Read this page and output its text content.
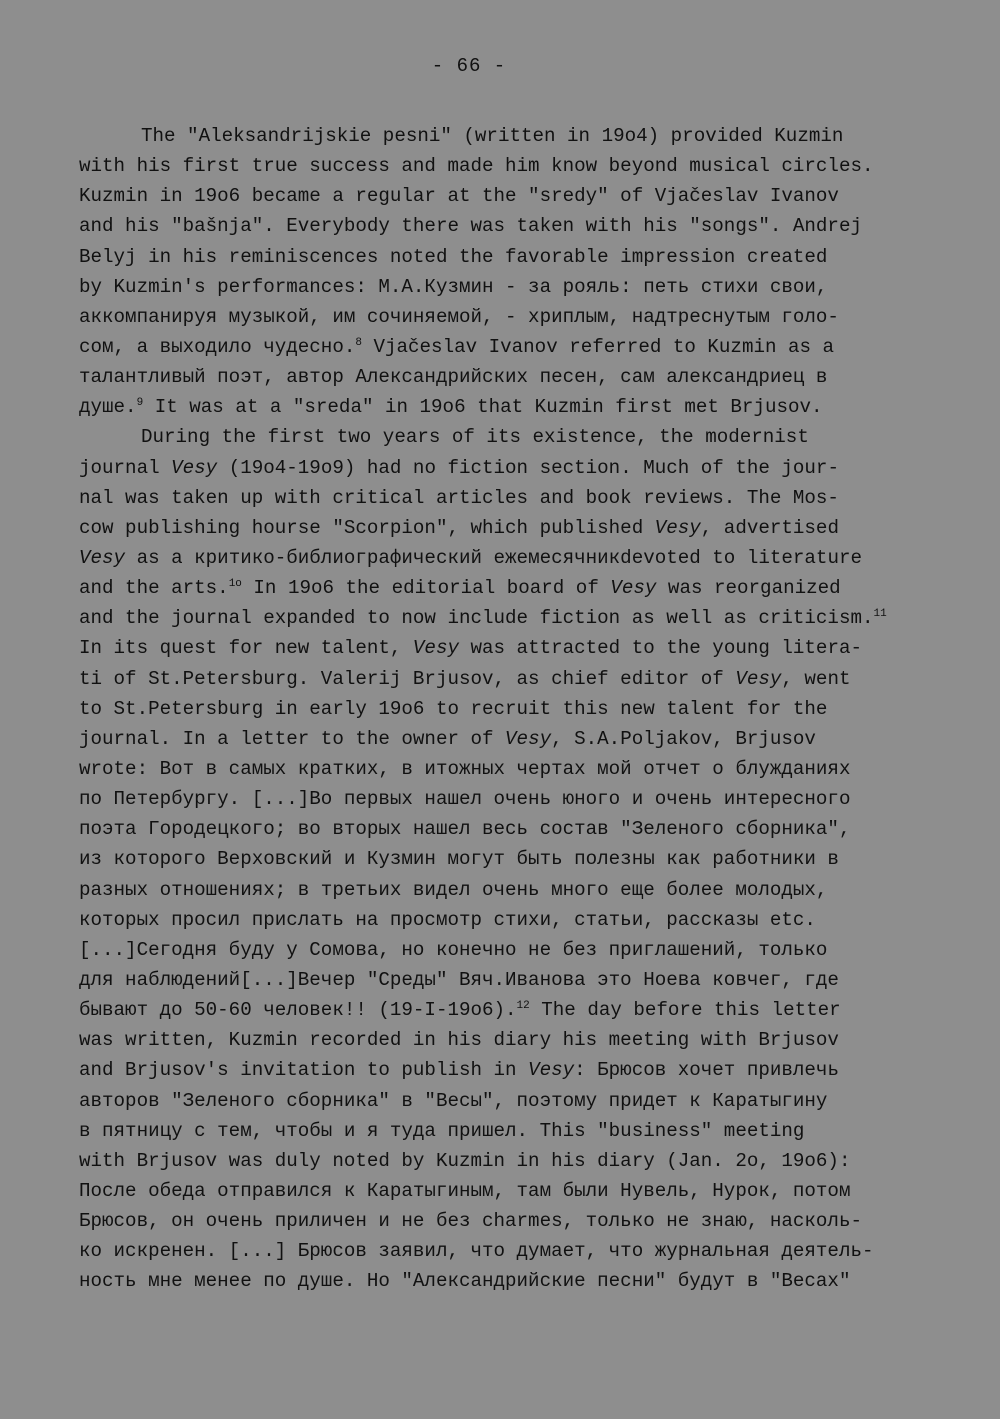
- 66 -
The "Aleksandrijskie pesni" (written in 19o4) provided Kuzmin
with his first true success and made him know beyond musical circles.
Kuzmin in 19o6 became a regular at the "sredy" of Vjačeslav Ivanov
and his "bašnja". Everybody there was taken with his "songs". Andrej
Belyj in his reminiscences noted the favorable impression created
by Kuzmin's performances: М.А.Кузмин - за рояль: петь стихи свои,
аккомпанируя музыкой, им сочиняемой, - хриплым, надтреснутым голо-
сом, а выходило чудесно.$^8$ Vjačeslav Ivanov referred to Kuzmin as a
талантливый поэт, автор Александрийских песен, сам александриец в
душе.$^9$ It was at a "sreda" in 19o6 that Kuzmin first met Brjusov.
During the first two years of its existence, the modernist
journal Vesy (19o4-19o9) had no fiction section. Much of the jour-
nal was taken up with critical articles and book reviews. The Mos-
cow publishing hourse "Scorpion", which published Vesy, advertised
Vesy as a критико-библиографический ежемесячникdevoted to literature
and the arts.$^{1o}$ In 19o6 the editorial board of Vesy was reorganized
and the journal expanded to now include fiction as well as criticism.$^{11}$
In its quest for new talent, Vesy was attracted to the young litera-
ti of St.Petersburg. Valerij Brjusov, as chief editor of Vesy, went
to St.Petersburg in early 19o6 to recruit this new talent for the
journal. In a letter to the owner of Vesy, S.A.Poljakov, Brjusov
wrote: Вот в самых кратких, в итожных чертах мой отчет о блужданиях
по Петербургу. [...]Во первых нашел очень юного и очень интересного
поэта Городецкого; во вторых нашел весь состав "Зеленого сборника",
из которого Верховский и Кузмин могут быть полезны как работники в
разных отношениях; в третьих видел очень много еще более молодых,
которых просил прислать на просмотр стихи, статьи, рассказы etc.
[...]Сегодня буду у Сомова, но конечно не без приглашений, только
для наблюдений[...]Вечер "Среды" Вяч.Иванова это Ноева ковчег, где
бывают до 50-60 человек!! (19-I-19o6).$^{12}$ The day before this letter
was written, Kuzmin recorded in his diary his meeting with Brjusov
and Brjusov's invitation to publish in Vesy: Брюсов хочет привлечь
авторов "Зеленого сборника" в "Весы", поэтому придет к Каратыгину
в пятницу с тем, чтобы и я туда пришел. This "business" meeting
with Brjusov was duly noted by Kuzmin in his diary (Jan. 2o, 19o6):
После обеда отправился к Каратыгиным, там были Нувель, Нурок, потом
Брюсов, он очень приличен и не без charmes, только не знаю, насколь-
ко искренен. [...] Брюсов заявил, что думает, что журнальная деятель-
ность мне менее по душе. Но "Александрийские песни" будут в "Весах"
